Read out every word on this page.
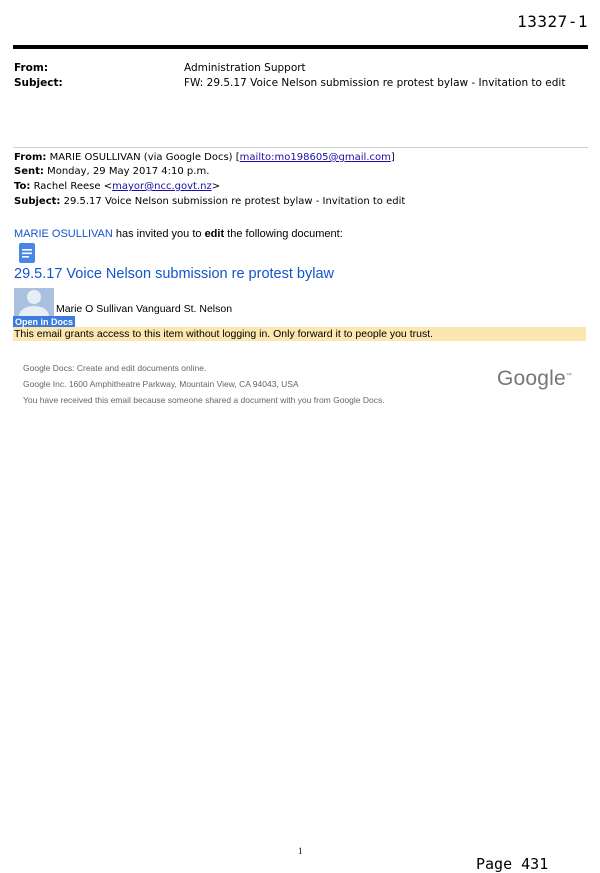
13327-1
From:	Administration Support
Subject:	FW: 29.5.17 Voice Nelson submission re protest bylaw - Invitation to edit
From: MARIE OSULLIVAN (via Google Docs) [mailto:mo198605@gmail.com]
Sent: Monday, 29 May 2017 4:10 p.m.
To: Rachel Reese <mayor@ncc.govt.nz>
Subject: 29.5.17 Voice Nelson submission re protest bylaw - Invitation to edit
MARIE OSULLIVAN has invited you to edit the following document:
29.5.17 Voice Nelson submission re protest bylaw
Marie O Sullivan Vanguard St. Nelson
Open in Docs
This email grants access to this item without logging in. Only forward it to people you trust.
Google Docs: Create and edit documents online.
Google Inc. 1600 Amphitheatre Parkway, Mountain View, CA 94043, USA
You have received this email because someone shared a document with you from Google Docs.
Google™
1
Page 431
